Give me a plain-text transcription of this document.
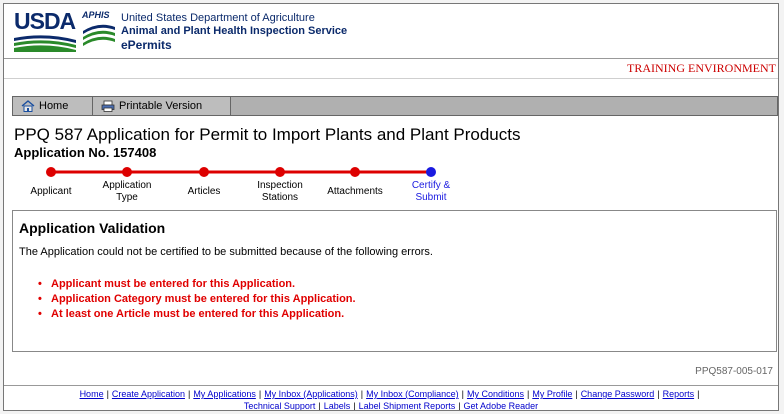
USDA APHIS United States Department of Agriculture
Animal and Plant Health Inspection Service
ePermits
TRAINING ENVIRONMENT
Home	Printable Version
PPQ 587 Application for Permit to Import Plants and Plant Products
Application No. 157408
Applicant
Application Type
Articles
Inspection Stations
Attachments
Certify & Submit
Application Validation
The Application could not be certified to be submitted because of the following errors.
• Applicant must be entered for this Application.
• Application Category must be entered for this Application.
• At least one Article must be entered for this Application.
PPQ587-005-017
Home | Create Application | My Applications | My Inbox (Applications) | My Inbox (Compliance) | My Conditions | My Profile | Change Password | Reports |
Technical Support | Labels | Label Shipment Reports | Get Adobe Reader
